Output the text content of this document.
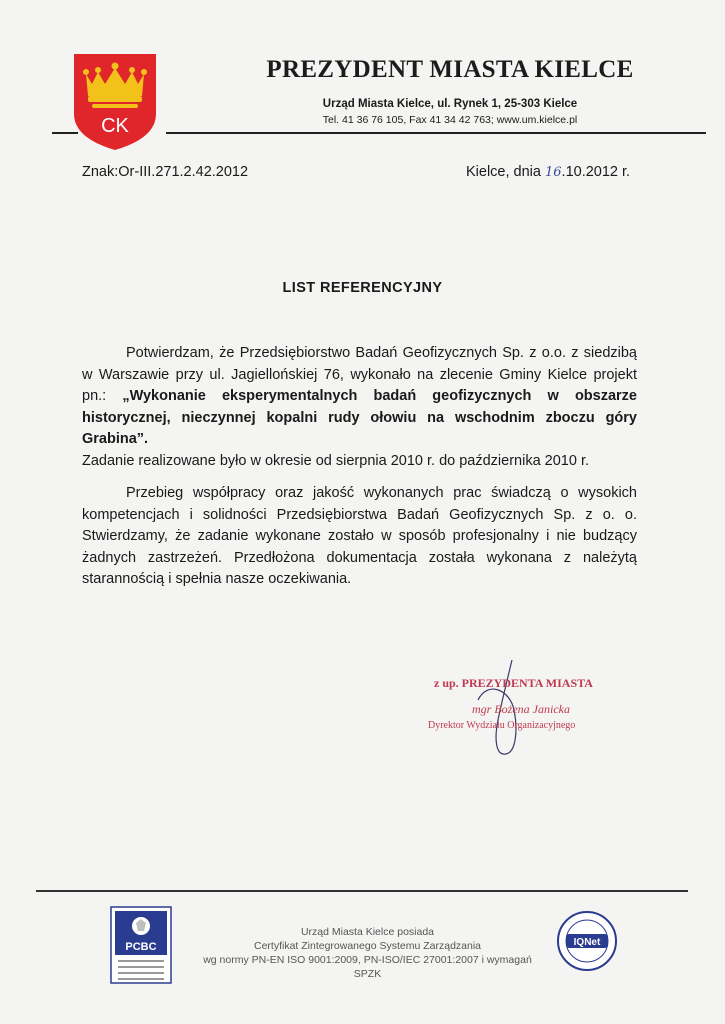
CK
PREZYDENT MIASTA KIELCE
Urząd Miasta Kielce, ul. Rynek 1, 25-303 Kielce
Tel. 41 36 76 105, Fax 41 34 42 763; www.um.kielce.pl
Znak:Or-III.271.2.42.2012	Kielce, dnia 16.10.2012 r.
LIST REFERENCYJNY
Potwierdzam, że Przedsiębiorstwo Badań Geofizycznych Sp. z o.o. z siedzibą w Warszawie przy ul. Jagiellońskiej 76, wykonało na zlecenie Gminy Kielce projekt pn.: „Wykonanie eksperymentalnych badań geofizycznych w obszarze historycznej, nieczynnej kopalni rudy ołowiu na wschodnim zboczu góry Grabina”.
Zadanie realizowane było w okresie od sierpnia 2010 r. do października 2010 r.
Przebieg współpracy oraz jakość wykonanych prac świadczą o wysokich kompetencjach i solidności Przedsiębiorstwa Badań Geofizycznych Sp. z o. o. Stwierdzamy, że zadanie wykonane zostało w sposób profesjonalny i nie budzący żadnych zastrzeżeń. Przedłożona dokumentacja została wykonana z należytą starannością i spełnia nasze oczekiwania.
z up. PREZYDENTA MIASTA
mgr Bożena Janicka
Dyrektor Wydziału Organizacyjnego
PCBC
Urząd Miasta Kielce posiada
Certyfikat Zintegrowanego Systemu Zarządzania
wg normy PN-EN ISO 9001:2009, PN-ISO/IEC 27001:2007 i wymagań SPZK
IQNet
